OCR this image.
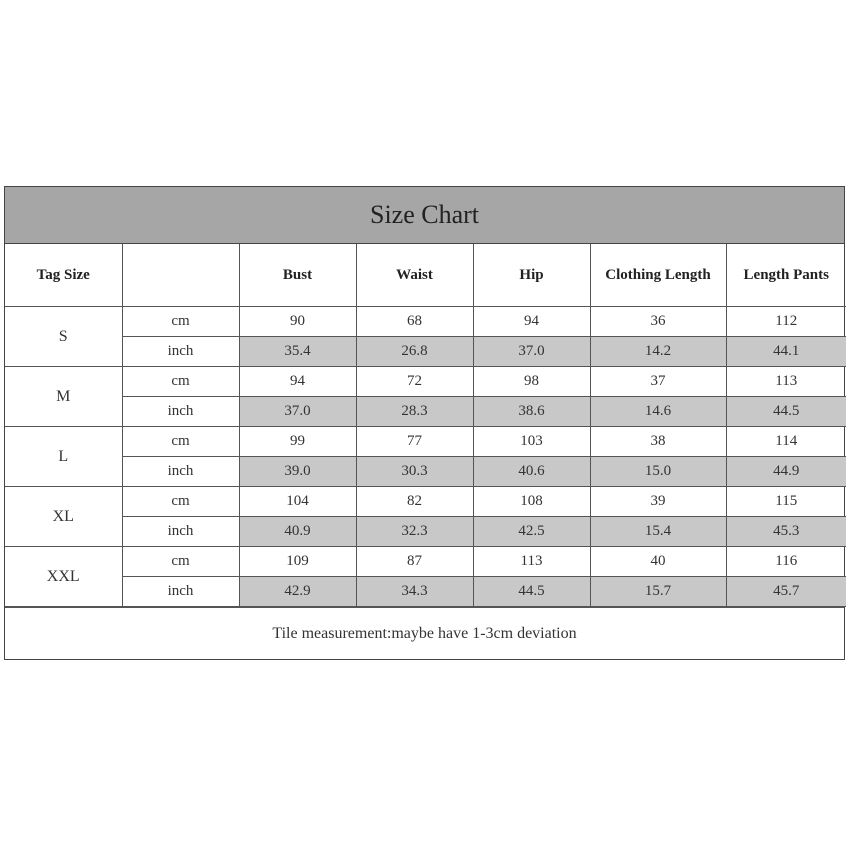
Size Chart
Tag Size		Bust	Waist	Hip	Clothing Length	Length Pants
S	cm	90	68	94	36	112
	inch	35.4	26.8	37.0	14.2	44.1
M	cm	94	72	98	37	113
	inch	37.0	28.3	38.6	14.6	44.5
L	cm	99	77	103	38	114
	inch	39.0	30.3	40.6	15.0	44.9
XL	cm	104	82	108	39	115
	inch	40.9	32.3	42.5	15.4	45.3
XXL	cm	109	87	113	40	116
	inch	42.9	34.3	44.5	15.7	45.7
Tile measurement:maybe have 1-3cm deviation
